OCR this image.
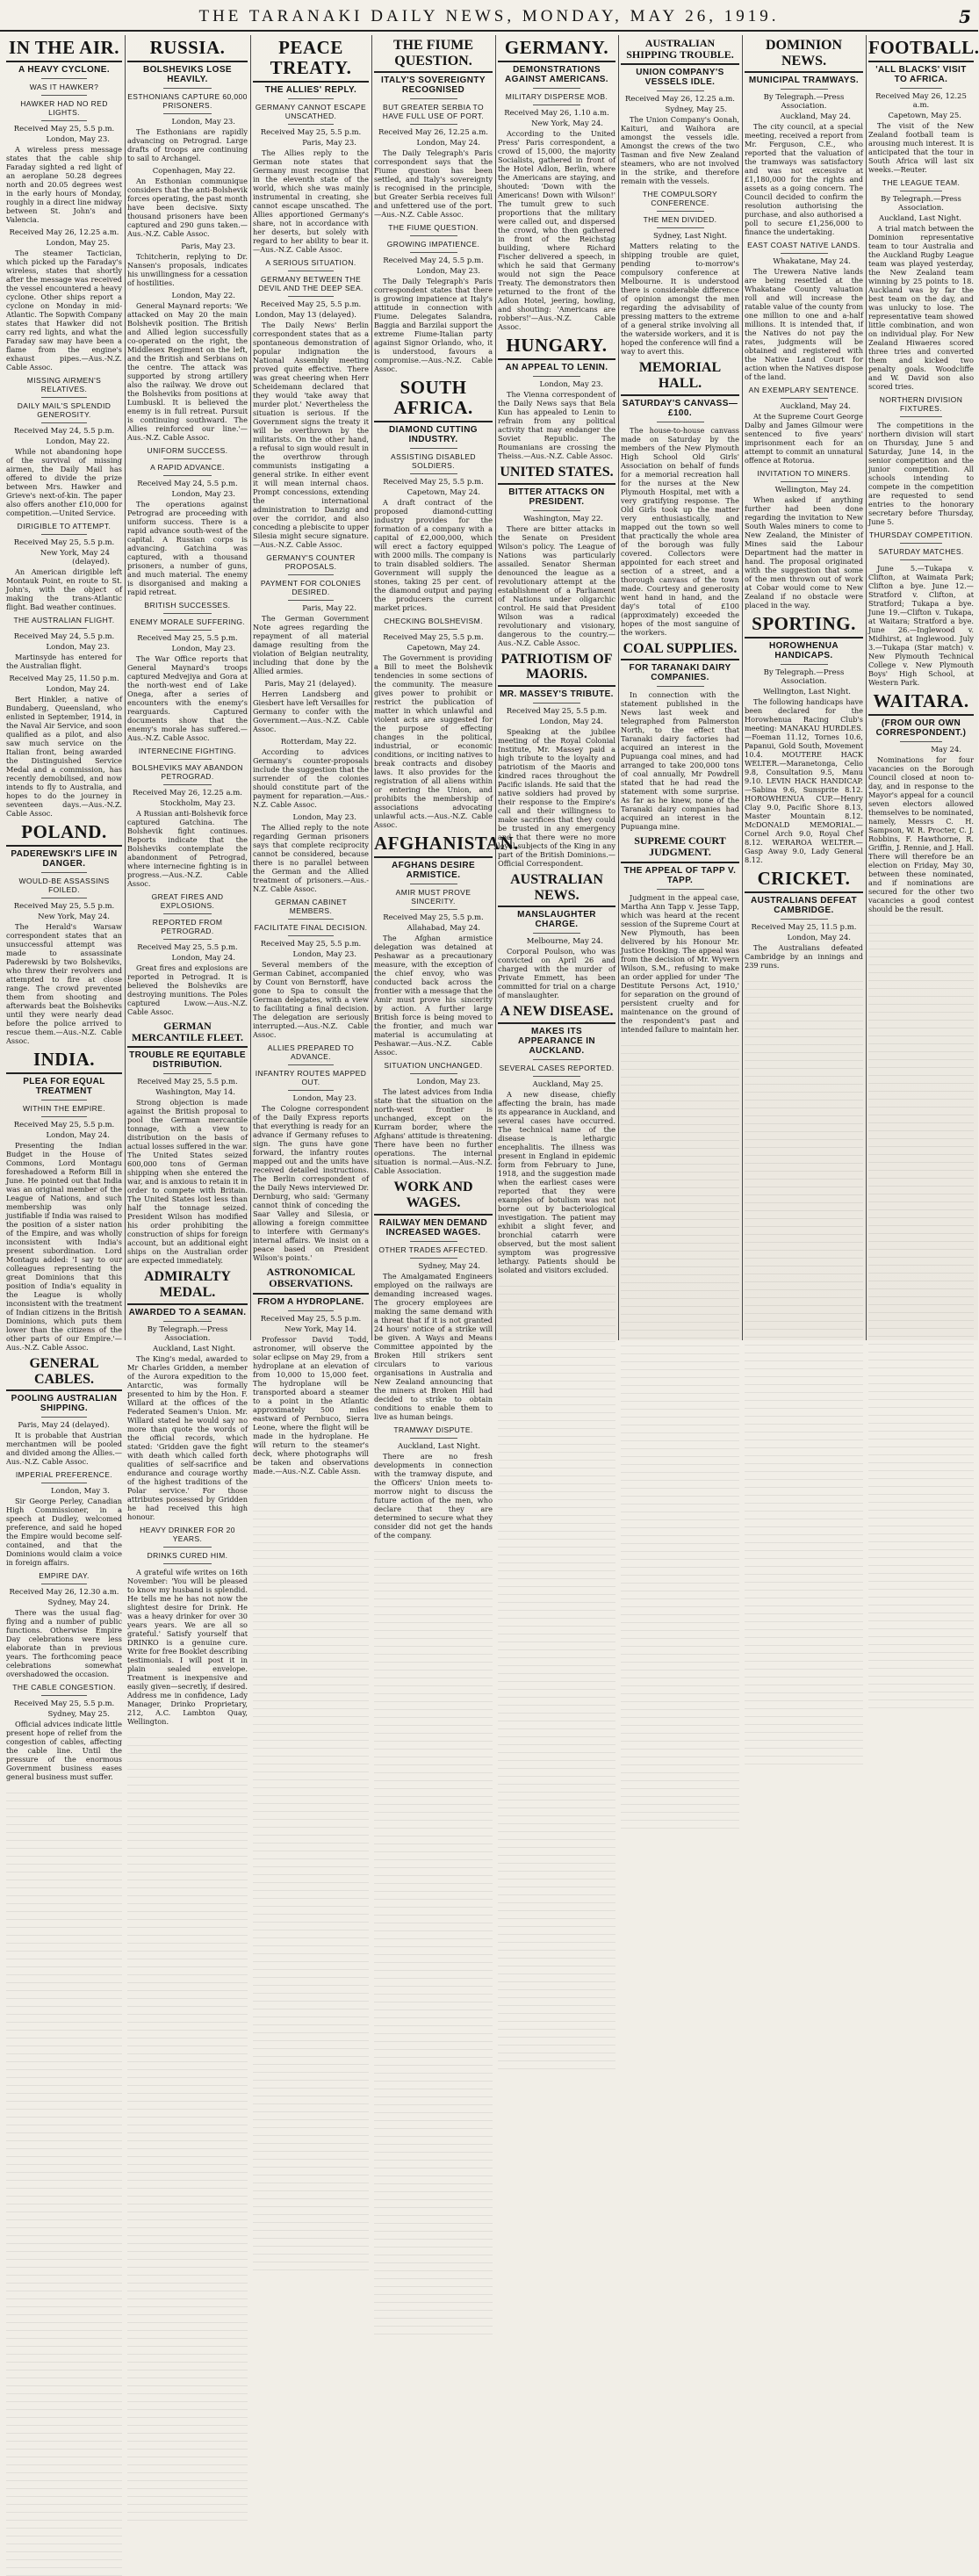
THE TARANAKI DAILY NEWS, MONDAY, MAY 26, 1919.	5
IN THE AIR.
A HEAVY CYCLONE.
WAS IT HAWKER?
HAWKER HAD NO RED LIGHTS.
Received May 25, 5.5 p.m.
London, May 23.
A wireless press message states that the cable ship Faraday sighted a red light of an aeroplane 50.28 degrees north and 20.05 degrees west in the early hours of Monday, roughly in a direct line midway between St. John's and Valencia.
Received May 26, 12.25 a.m.
London, May 25.
The steamer Tactician, which picked up the Faraday's wireless, states that shortly after the message was received the vessel encountered a heavy cyclone. Other ships report a cyclone on Monday in mid-Atlantic. The Sopwith Company states that Hawker did not carry red lights, and what the Faraday saw may have been a flame from the engine's exhaust pipes.—Aus.-N.Z. Cable Assoc.
MISSING AIRMEN'S RELATIVES.
DAILY MAIL'S SPLENDID GENEROSITY.
Received May 24, 5.5 p.m.
London, May 22.
While not abandoning hope of the survival of missing airmen, the Daily Mail has offered to divide the prize between Mrs. Hawker and Grieve's next-of-kin. The paper also offers another £10,000 for competition.—United Service.
DIRIGIBLE TO ATTEMPT.
Received May 25, 5.5 p.m.
New York, May 24 (delayed).
An American dirigible left Montauk Point, en route to St. John's, with the object of making the trans-Atlantic flight. Bad weather continues.
THE AUSTRALIAN FLIGHT.
Received May 24, 5.5 p.m.
London, May 23.
Martinsyde has entered for the Australian flight.
Received May 25, 11.50 p.m.
London, May 24.
Bert Hinkler, a native of Bundaberg, Queensland, who enlisted in September, 1914, in the Naval Air Service, and soon qualified as a pilot, and also saw much service on the Italian front, being awarded the Distinguished Service Medal and a commission, has recently demobilised, and now intends to fly to Australia, and hopes to do the journey in seventeen days.—Aus.-N.Z. Cable Assoc.
POLAND.
PADEREWSKI'S LIFE IN DANGER.
WOULD-BE ASSASSINS FOILED.
Received May 25, 5.5 p.m.
New York, May 24.
The Herald's Warsaw correspondent states that an unsuccessful attempt was made to assassinate Paderewski by two Bolsheviks, who threw their revolvers and attempted to fire at close range. The crowd prevented them from shooting and afterwards beat the Bolsheviks until they were nearly dead before the police arrived to rescue them.—Aus.-N.Z. Cable Assoc.
INDIA.
PLEA FOR EQUAL TREATMENT
WITHIN THE EMPIRE.
Received May 25, 5.5 p.m.
London, May 24.
Presenting the Indian Budget in the House of Commons, Lord Montagu foreshadowed a Reform Bill in June. He pointed out that India was an original member of the League of Nations, and such membership was only justifiable if India was raised to the position of a sister nation of the Empire, and was wholly inconsistent with India's present subordination. Lord Montagu added: 'I say to our colleagues representing the great Dominions that this position of India's equality in the League is wholly inconsistent with the treatment of Indian citizens in the British Dominions, which puts them lower than the citizens of the other parts of our Empire.'—Aus.-N.Z. Cable Assoc.
GENERAL CABLES.
POOLING AUSTRALIAN SHIPPING.
Paris, May 24 (delayed).
It is probable that Austrian merchantmen will be pooled and divided among the Allies.—Aus.-N.Z. Cable Assoc.
IMPERIAL PREFERENCE.
London, May 3.
Sir George Perley, Canadian High Commissioner, in a speech at Dudley, welcomed preference, and said he hoped the Empire would become self-contained, and that the Dominions would claim a voice in foreign affairs.
EMPIRE DAY.
Received May 26, 12.30 a.m.
Sydney, May 24.
There was the usual flag-flying and a number of public functions. Otherwise Empire Day celebrations were less elaborate than in previous years. The forthcoming peace celebrations somewhat overshadowed the occasion.
THE CABLE CONGESTION.
Received May 25, 5.5 p.m.
Sydney, May 25.
Official advices indicate little present hope of relief from the congestion of cables, affecting the cable line. Until the pressure of the enormous Government business eases general business must suffer.
RUSSIA.
BOLSHEVIKS LOSE HEAVILY.
ESTHONIANS CAPTURE 60,000 PRISONERS.
London, May 23.
The Esthonians are rapidly advancing on Petrograd. Large drafts of troops are continuing to sail to Archangel.
Copenhagen, May 22.
An Esthonian communique considers that the anti-Bolshevik forces operating, the past month have been decisive. Sixty thousand prisoners have been captured and 290 guns taken.—Aus.-N.Z. Cable Assoc.
Paris, May 23.
Tchitcherin, replying to Dr. Nansen's proposals, indicates his unwillingness for a cessation of hostilities.
London, May 22.
General Maynard reports: 'We attacked on May 20 the main Bolshevik position. The British and Allied legion successfully co-operated on the right, the Middlesex Regiment on the left, and the British and Serbians on the centre. The attack was supported by strong artillery also the railway. We drove out the Bolsheviks from positions at Lumbuskl. It is believed the enemy is in full retreat. Pursuit is continuing southward. The Allies reinforced our line.'—Aus.-N.Z. Cable Assoc.
UNIFORM SUCCESS.
A RAPID ADVANCE.
Received May 24, 5.5 p.m.
London, May 23.
The operations against Petrograd are proceeding with uniform success. There is a rapid advance south-west of the capital. A Russian corps is advancing. Gatchina was captured, with a thousand prisoners, a number of guns, and much material. The enemy is disorganised and making a rapid retreat.
BRITISH SUCCESSES.
ENEMY MORALE SUFFERING.
Received May 25, 5.5 p.m.
London, May 23.
The War Office reports that General Maynard's troops captured Medvejiya and Gora at the north-west end of Lake Onega, after a series of encounters with the enemy's rearguards. Captured documents show that the enemy's morale has suffered.—Aus.-N.Z. Cable Assoc.
INTERNECINE FIGHTING.
BOLSHEVIKS MAY ABANDON PETROGRAD.
Received May 26, 12.25 a.m.
Stockholm, May 23.
A Russian anti-Bolshevik force captured Gatchina. The Bolshevik fight continues. Reports indicate that the Bolsheviks contemplate the abandonment of Petrograd, where internecine fighting is in progress.—Aus.-N.Z. Cable Assoc.
GREAT FIRES AND EXPLOSIONS.
REPORTED FROM PETROGRAD.
Received May 25, 5.5 p.m.
London, May 24.
Great fires and explosions are reported in Petrograd. It is believed the Bolsheviks are destroying munitions. The Poles captured Lwow.—Aus.-N.Z. Cable Assoc.
GERMAN MERCANTILE FLEET.
TROUBLE RE EQUITABLE DISTRIBUTION.
Received May 25, 5.5 p.m.
Washington, May 14.
Strong objection is made against the British proposal to pool the German mercantile tonnage, with a view to distribution on the basis of actual losses suffered in the war. The United States seized 600,000 tons of German shipping when she entered the war, and is anxious to retain it in order to compete with Britain. The United States lost less than half the tonnage seized. President Wilson has modified his order prohibiting the construction of ships for foreign account, but an additional eight ships on the Australian order are expected immediately.
ADMIRALTY MEDAL.
AWARDED TO A SEAMAN.
By Telegraph.—Press Association.
Auckland, Last Night.
The King's medal, awarded to Mr Charles Gridden, a member of the Aurora expedition to the Antarctic, was formally presented to him by the Hon. F. Willard at the offices of the Federated Seamen's Union. Mr. Willard stated he would say no more than quote the words of the official records, which stated: 'Gridden gave the fight with death which called forth qualities of self-sacrifice and endurance and courage worthy of the highest traditions of the Polar service.' For those attributes possessed by Gridden he had received this high honour.
HEAVY DRINKER FOR 20 YEARS.
DRINKS CURED HIM.
A grateful wife writes on 16th November: 'You will be pleased to know my husband is splendid. He tells me he has not now the slightest desire for Drink. He was a heavy drinker for over 30 years years. We are all so grateful.' Satisfy yourself that DRINKO is a genuine cure. Write for free Booklet describing testimonials. I will post it in plain sealed envelope. Treatment is inexpensive and easily given—secretly, if desired. Address me in confidence, Lady Manager, Drinko Proprietary, 212, A.C. Lambton Quay, Wellington.
PEACE TREATY.
THE ALLIES' REPLY.
GERMANY CANNOT ESCAPE UNSCATHED.
Received May 25, 5.5 p.m.
Paris, May 23.
The Allies reply to the German note states that Germany must recognise that in the eleventh state of the world, which she was mainly instrumental in creating, she cannot escape unscathed. The Allies apportioned Germany's share, not in accordance with her deserts, but solely with regard to her ability to bear it.—Aus.-N.Z. Cable Assoc.
A SERIOUS SITUATION.
GERMANY BETWEEN THE DEVIL AND THE DEEP SEA.
Received May 25, 5.5 p.m.
London, May 13 (delayed).
The Daily News' Berlin correspondent states that as a spontaneous demonstration of popular indignation the National Assembly meeting proved quite effective. There was great cheering when Herr Scheidemann declared that they would 'take away that murder plot.' Nevertheless the situation is serious. If the Government signs the treaty it will be overthrown by the militarists. On the other hand, a refusal to sign would result in the overthrow through communists instigating a general strike. In either event it will mean internal chaos. Prompt concessions, extending the international administration to Danzig and over the corridor, and also conceding a plebiscite to upper Silesia might secure signature.—Aus.-N.Z. Cable Assoc.
GERMANY'S COUNTER PROPOSALS.
PAYMENT FOR COLONIES DESIRED.
Paris, May 22.
The German Government Note agrees regarding the repayment of all material damage resulting from the violation of Belgian neutrality, including that done by the Allied armies.
Paris, May 21 (delayed).
Herren Landsberg and Giesbert have left Versailles for Germany to confer with the Government.—Aus.-N.Z. Cable Assoc.
Rotterdam, May 22.
According to advices Germany's counter-proposals include the suggestion that the surrender of the colonies should constitute part of the payment for reparation.—Aus.-N.Z. Cable Assoc.
London, May 23.
The Allied reply to the note regarding German prisoners says that complete reciprocity cannot be considered, because there is no parallel between the German and the Allied treatment of prisoners.—Aus.-N.Z. Cable Assoc.
GERMAN CABINET MEMBERS.
FACILITATE FINAL DECISION.
Received May 25, 5.5 p.m.
London, May 23.
Several members of the German Cabinet, accompanied by Count von Bernstorff, have gone to Spa to consult the German delegates, with a view to facilitating a final decision. The delegation are seriously interrupted.—Aus.-N.Z. Cable Assoc.
ALLIES PREPARED TO ADVANCE.
INFANTRY ROUTES MAPPED OUT.
London, May 23.
The Cologne correspondent of the Daily Express reports that everything is ready for an advance if Germany refuses to sign. The guns have gone forward, the infantry routes mapped out and the units have received detailed instructions. The Berlin correspondent of the Daily News interviewed Dr. Dernburg, who said: 'Germany cannot think of conceding the Saar Valley and Silesia, or allowing a foreign committee to interfere with Germany's internal affairs. We insist on a peace based on President Wilson's points.'
ASTRONOMICAL OBSERVATIONS.
FROM A HYDROPLANE.
Received May 25, 5.5 p.m.
New York, May 14.
Professor David Todd, astronomer, will observe the solar eclipse on May 29, from a hydroplane at an elevation of from 10,000 to 15,000 feet. The hydroplane will be transported aboard a steamer to a point in the Atlantic approximately 500 miles eastward of Pernbuco, Sierra Leone, where the flight will be made in the hydroplane. He will return to the steamer's deck, where photographs will be taken and observations made.—Aus.-N.Z. Cable Assn.
THE FIUME QUESTION.
ITALY'S SOVEREIGNTY RECOGNISED
BUT GREATER SERBIA TO HAVE FULL USE OF PORT.
Received May 26, 12.25 a.m.
London, May 24.
The Daily Telegraph's Paris correspondent says that the Fiume question has been settled, and Italy's sovereignty is recognised in the principle, but Greater Serbia receives full and unfettered use of the port.—Aus.-N.Z. Cable Assoc.
THE FIUME QUESTION.
GROWING IMPATIENCE.
Received May 24, 5.5 p.m.
London, May 23.
The Daily Telegraph's Paris correspondent states that there is growing impatience at Italy's attitude in connection with Fiume. Delegates Salandra, Baggia and Barzilai support the extreme Fiume-Italian party against Signor Orlando, who, it is understood, favours a compromise.—Aus.-N.Z. Cable Assoc.
SOUTH AFRICA.
DIAMOND CUTTING INDUSTRY.
ASSISTING DISABLED SOLDIERS.
Received May 25, 5.5 p.m.
Capetown, May 24.
A draft contract of the proposed diamond-cutting industry provides for the formation of a company with a capital of £2,000,000, which will erect a factory equipped with 2000 mills. The company is to train disabled soldiers. The Government will supply the stones, taking 25 per cent. of the diamond output and paying the producers the current market prices.
CHECKING BOLSHEVISM.
Received May 25, 5.5 p.m.
Capetown, May 24.
The Government is providing a Bill to meet the Bolshevik tendencies in some sections of the community. The measure gives power to prohibit or restrict the publication of matter in which unlawful and violent acts are suggested for the purpose of effecting changes in the political, industrial, or economic conditions, or inciting natives to break contracts and disobey laws. It also provides for the registration of all aliens within or entering the Union, and prohibits the membership of associations advocating unlawful acts.—Aus.-N.Z. Cable Assoc.
AFGHANISTAN.
AFGHANS DESIRE ARMISTICE.
AMIR MUST PROVE SINCERITY.
Received May 25, 5.5 p.m.
Allahabad, May 24.
The Afghan armistice delegation was detained at Peshawar as a precautionary measure, with the exception of the chief envoy, who was conducted back across the frontier with a message that the Amir must prove his sincerity by action. A further large British force is being moved to the frontier, and much war material is accumulating at Peshawar.—Aus.-N.Z. Cable Assoc.
SITUATION UNCHANGED.
London, May 23.
The latest advices from India state that the situation on the north-west frontier is unchanged, except on the Kurram border, where the Afghans' attitude is threatening. There have been no further operations. The internal situation is normal.—Aus.-N.Z. Cable Association.
WORK AND WAGES.
RAILWAY MEN DEMAND INCREASED WAGES.
OTHER TRADES AFFECTED.
Sydney, May 24.
The Amalgamated Engineers employed on the railways are demanding increased wages. The grocery employees are making the same demand with a threat that if it is not granted 24 hours' notice of a strike will be given. A Ways and Means Committee appointed by the Broken Hill strikers sent circulars to various organisations in Australia and New Zealand announcing that the miners at Broken Hill had decided to strike to obtain conditions to enable them to live as human beings.
TRAMWAY DISPUTE.
Auckland, Last Night.
There are no fresh developments in connection with the tramway dispute, and the Officers' Union meets to-morrow night to discuss the future action of the men, who declare that they are determined to secure what they consider did not get the hands of the company.
GERMANY.
DEMONSTRATIONS AGAINST AMERICANS.
MILITARY DISPERSE MOB.
Received May 26, 1.10 a.m.
New York, May 24.
According to the United Press' Paris correspondent, a crowd of 15,000, the majority Socialists, gathered in front of the Hotel Adlon, Berlin, where the Americans are staying, and shouted: 'Down with the Americans! Down with Wilson!' The tumult grew to such proportions that the military were called out, and dispersed the crowd, who then gathered in front of the Reichstag building, where Richard Fischer delivered a speech, in which he said that Germany would not sign the Peace Treaty. The demonstrators then returned to the front of the Adlon Hotel, jeering, howling, and shouting: 'Americans are robbers!'—Aus.-N.Z. Cable Assoc.
HUNGARY.
AN APPEAL TO LENIN.
London, May 23.
The Vienna correspondent of the Daily News says that Bela Kun has appealed to Lenin to refrain from any political activity that may endanger the Soviet Republic. The Roumanians are crossing the Theiss.—Aus.-N.Z. Cable Assoc.
UNITED STATES.
BITTER ATTACKS ON PRESIDENT.
Washington, May 22.
There are bitter attacks in the Senate on President Wilson's policy. The League of Nations was particularly assailed. Senator Sherman denounced the league as a revolutionary attempt at the establishment of a Parliament of Nations under oligarchic control. He said that President Wilson was a radical revolutionary and visionary, dangerous to the country.—Aus.-N.Z. Cable Assoc.
PATRIOTISM OF MAORIS.
MR. MASSEY'S TRIBUTE.
Received May 25, 5.5 p.m.
London, May 24.
Speaking at the jubilee meeting of the Royal Colonial Institute, Mr. Massey paid a high tribute to the loyalty and patriotism of the Maoris and kindred races throughout the Pacific islands. He said that the native soldiers had proved by their response to the Empire's call and their willingness to make sacrifices that they could be trusted in any emergency and that there were no more loyal subjects of the King in any part of the British Dominions.—Official Correspondent.
AUSTRALIAN NEWS.
MANSLAUGHTER CHARGE.
Melbourne, May 24.
Corporal Poulson, who was convicted on April 26 and charged with the murder of Private Emmett, has been committed for trial on a charge of manslaughter.
A NEW DISEASE.
MAKES ITS APPEARANCE IN AUCKLAND.
SEVERAL CASES REPORTED.
Auckland, May 25.
A new disease, chiefly affecting the brain, has made its appearance in Auckland, and several cases have occurred. The technical name of the disease is lethargic encephalitis. The illness was present in England in epidemic form from February to June, 1918, and the suggestion made when the earliest cases were reported that they were examples of botulism was not borne out by bacteriological investigation. The patient may exhibit a slight fever, and bronchial catarrh were observed, but the most salient symptom was progressive lethargy. Patients should be isolated and visitors excluded.
AUSTRALIAN SHIPPING TROUBLE.
UNION COMPANY'S VESSELS IDLE.
Received May 26, 12.25 a.m.
Sydney, May 25.
The Union Company's Oonah, Kaituri, and Waihora are amongst the vessels idle. Amongst the crews of the two Tasman and five New Zealand steamers, who are not involved in the strike, and therefore remain with the vessels.
THE COMPULSORY CONFERENCE.
THE MEN DIVIDED.
Sydney, Last Night.
Matters relating to the shipping trouble are quiet, pending to-morrow's compulsory conference at Melbourne. It is understood there is considerable difference of opinion amongst the men regarding the advisability of pressing matters to the extreme of a general strike involving all the waterside workers, and it is hoped the conference will find a way to avert this.
MEMORIAL HALL.
SATURDAY'S CANVASS—£100.
The house-to-house canvass made on Saturday by the members of the New Plymouth High School Old Girls' Association on behalf of funds for a memorial recreation hall for the nurses at the New Plymouth Hospital, met with a very gratifying response. The Old Girls took up the matter very enthusiastically, and mapped out the town so well that practically the whole area of the borough was fully covered. Collectors were appointed for each street and section of a street, and a thorough canvass of the town made. Courtesy and generosity went hand in hand, and the day's total of £100 (approximately) exceeded the hopes of the most sanguine of the workers.
COAL SUPPLIES.
FOR TARANAKI DAIRY COMPANIES.
In connection with the statement published in the News last week and telegraphed from Palmerston North, to the effect that Taranaki dairy factories had acquired an interest in the Pupuanga coal mines, and had arranged to take 200,000 tons of coal annually, Mr Powdrell stated that he had read the statement with some surprise. As far as he knew, none of the Taranaki dairy companies had acquired an interest in the Pupuanga mine.
SUPREME COURT JUDGMENT.
THE APPEAL OF TAPP V. TAPP.
Judgment in the appeal case, Martha Ann Tapp v. Jesse Tapp, which was heard at the recent session of the Supreme Court at New Plymouth, has been delivered by his Honour Mr. Justice Hosking. The appeal was from the decision of Mr. Wyvern Wilson, S.M., refusing to make an order applied for under 'The Destitute Persons Act, 1910,' for separation on the ground of persistent cruelty and for maintenance on the ground of the respondent's past and intended failure to maintain her.
DOMINION NEWS.
MUNICIPAL TRAMWAYS.
By Telegraph.—Press Association.
Auckland, May 24.
The city council, at a special meeting, received a report from Mr. Ferguson, C.E., who reported that the valuation of the tramways was satisfactory and was not excessive at £1,180,000 for the rights and assets as a going concern. The Council decided to confirm the resolution authorising the purchase, and also authorised a poll to secure £1,256,000 to finance the undertaking.
EAST COAST NATIVE LANDS.
Whakatane, May 24.
The Urewera Native lands are being resettled at the Whakatane County valuation roll and will increase the ratable value of the county from one million to one and a-half millions. It is intended that, if the Natives do not pay the rates, judgments will be obtained and registered with the Native Land Court for action when the Natives dispose of the land.
AN EXEMPLARY SENTENCE.
Auckland, May 24.
At the Supreme Court George Dalby and James Gilmour were sentenced to five years' imprisonment each for an attempt to commit an unnatural offence at Rotorua.
INVITATION TO MINERS.
Wellington, May 24.
When asked if anything further had been done regarding the invitation to New South Wales miners to come to New Zealand, the Minister of Mines said the Labour Department had the matter in hand. The proposal originated with the suggestion that some of the men thrown out of work at Cobar would come to New Zealand if no obstacle were placed in the way.
SPORTING.
HOROWHENUA HANDICAPS.
By Telegraph.—Press Association.
Wellington, Last Night.
The following handicaps have been declared for the Horowhenua Racing Club's meeting: MANAKAU HURDLES.—Foeman 11.12, Tornes 10.6, Papanui, Gold South, Movement 10.4. MOUTERE HACK WELTER.—Maranetonga, Celio 9.8, Consultation 9.5, Manu 9.10. LEVIN HACK HANDICAP.—Sabina 9.6, Sunsprite 8.12. HOROWHENUA CUP.—Henry Clay 9.0, Pacific Shore 8.13, Master Mountain 8.12. McDONALD MEMORIAL.—Cornel Arch 9.0, Royal Chef 8.12. WERAROA WELTER.—Gasp Away 9.0, Lady General 8.12.
CRICKET.
AUSTRALIANS DEFEAT CAMBRIDGE.
Received May 25, 11.5 p.m.
London, May 24.
The Australians defeated Cambridge by an innings and 239 runs.
FOOTBALL.
'ALL BLACKS' VISIT TO AFRICA.
Received May 26, 12.25 a.m.
Capetown, May 25.
The visit of the New Zealand football team is arousing much interest. It is anticipated that the tour in South Africa will last six weeks.—Reuter.
THE LEAGUE TEAM.
By Telegraph.—Press Association.
Auckland, Last Night.
A trial match between the Dominion representative team to tour Australia and the Auckland Rugby League team was played yesterday, the New Zealand team winning by 25 points to 18. Auckland was by far the best team on the day, and was unlucky to lose. The representative team showed little combination, and won on individual play. For New Zealand Hiwaeres scored three tries and converted them and kicked two penalty goals. Woodcliffe and W. David son also scored tries.
NORTHERN DIVISION FIXTURES.
The competitions in the northern division will start on Thursday, June 5 and Saturday, June 14, in the senior competition and the junior competition. All schools intending to compete in the competition are requested to send entries to the honorary secretary before Thursday, June 5.
THURSDAY COMPETITION.
SATURDAY MATCHES.
June 5.—Tukapa v. Clifton, at Waimata Park; Clifton a bye. June 12.—Stratford v. Clifton, at Stratford; Tukapa a bye. June 19.—Clifton v. Tukapa, at Waitara; Stratford a bye. June 26.—Inglewood v. Midhirst, at Inglewood. July 3.—Tukapa (Star match) v. New Plymouth Technical College v. New Plymouth Boys' High School, at Western Park.
WAITARA.
(FROM OUR OWN CORRESPONDENT.)
May 24.
Nominations for four vacancies on the Borough Council closed at noon to-day, and in response to the Mayor's appeal for a council seven electors allowed themselves to be nominated, namely, Messrs C. H. Sampson, W. R. Procter, C. J. Robbins, F. Hawthorne, R. Griffin, J. Rennie, and J. Hall. There will therefore be an election on Friday, May 30, between these nominated, and if nominations are secured for the other two vacancies a good contest should be the result.
